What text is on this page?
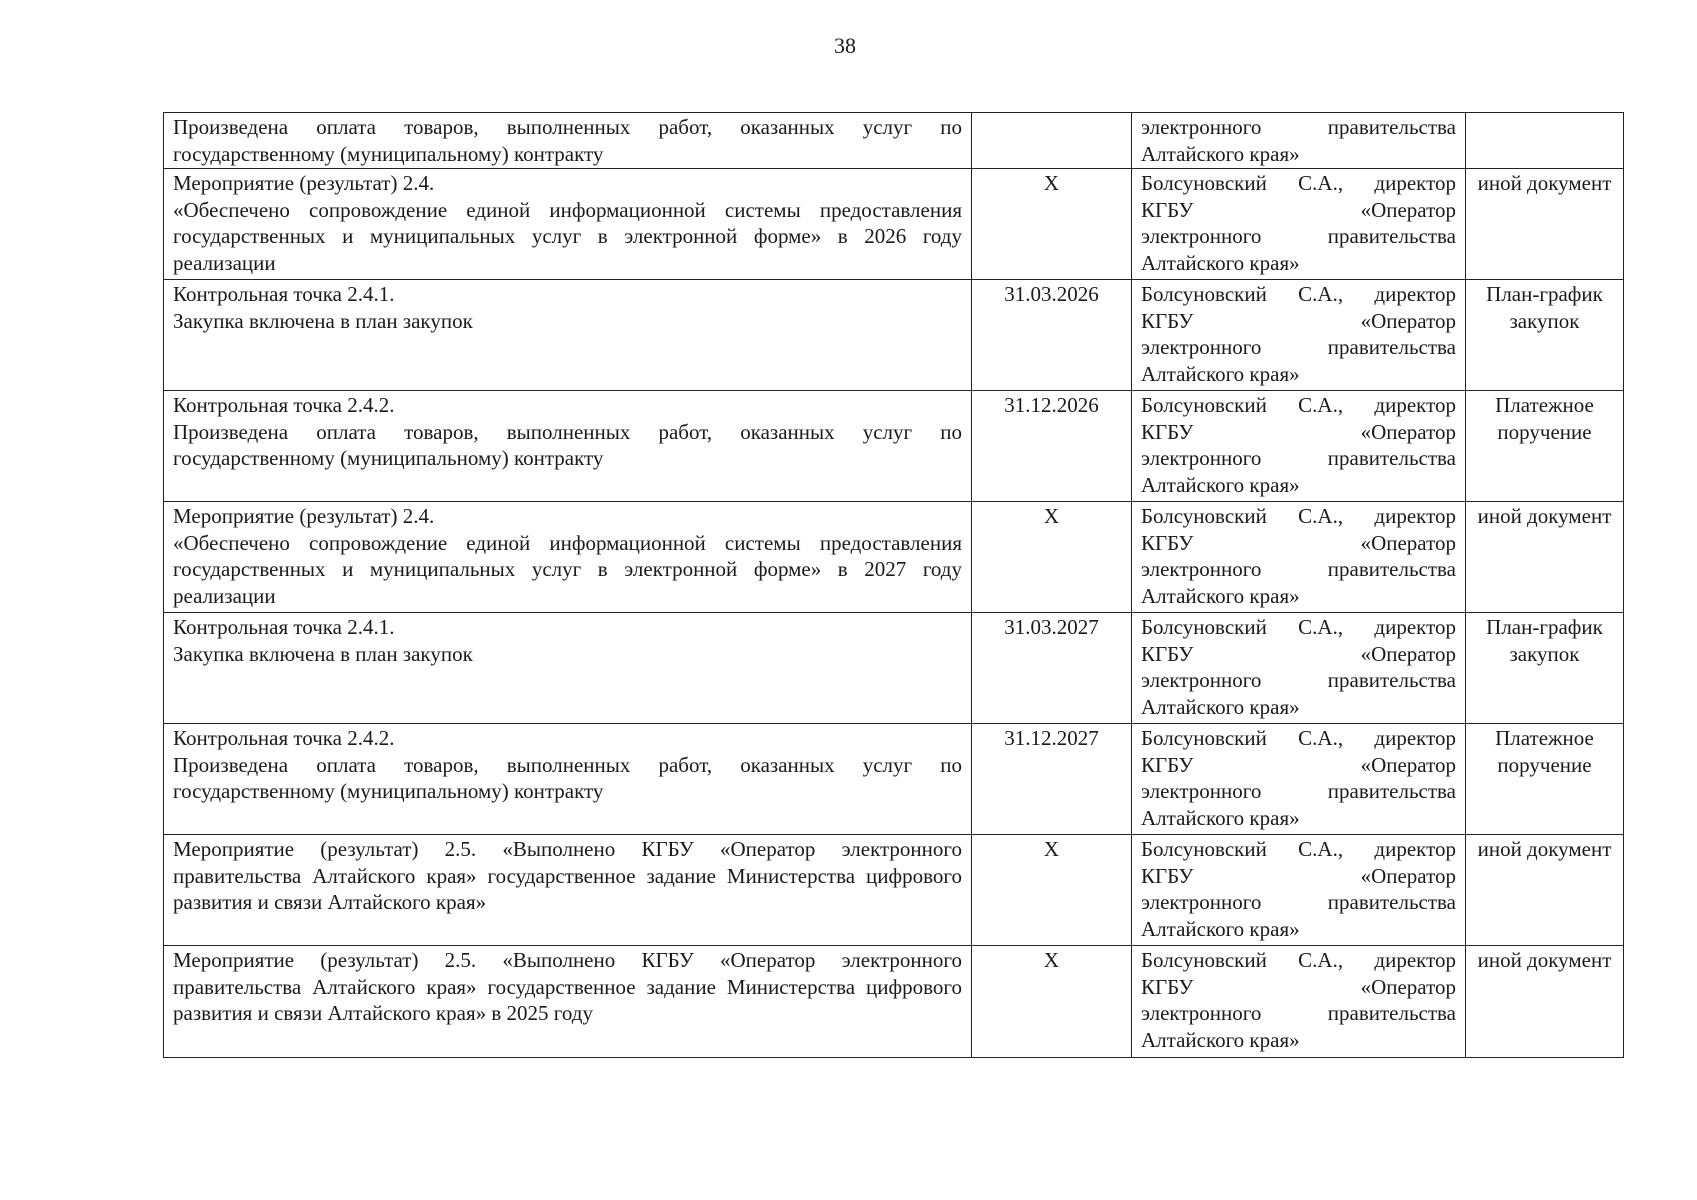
38
Произведена оплата товаров, выполненных работ, оказанных услуг по государственному (муниципальному) контракту		электронного правительства
Алтайского края»	

Мероприятие (результат) 2.4.
«Обеспечено сопровождение единой информационной системы предоставления государственных и муниципальных услуг в электронной форме» в 2026 году реализации	X	Болсуновский С.А., директор
КГБУ «Оператор
электронного правительства
Алтайского края»	иной документ

Контрольная точка 2.4.1.
Закупка включена в план закупок	31.03.2026	Болсуновский С.А., директор
КГБУ «Оператор
электронного правительства
Алтайского края»	План-график закупок

Контрольная точка 2.4.2.
Произведена оплата товаров, выполненных работ, оказанных услуг по государственному (муниципальному) контракту	31.12.2026	Болсуновский С.А., директор
КГБУ «Оператор
электронного правительства
Алтайского края»	Платежное поручение

Мероприятие (результат) 2.4.
«Обеспечено сопровождение единой информационной системы предоставления государственных и муниципальных услуг в электронной форме» в 2027 году реализации	X	Болсуновский С.А., директор
КГБУ «Оператор
электронного правительства
Алтайского края»	иной документ

Контрольная точка 2.4.1.
Закупка включена в план закупок	31.03.2027	Болсуновский С.А., директор
КГБУ «Оператор
электронного правительства
Алтайского края»	План-график закупок

Контрольная точка 2.4.2.
Произведена оплата товаров, выполненных работ, оказанных услуг по государственному (муниципальному) контракту	31.12.2027	Болсуновский С.А., директор
КГБУ «Оператор
электронного правительства
Алтайского края»	Платежное поручение

Мероприятие (результат) 2.5. «Выполнено КГБУ «Оператор электронного правительства Алтайского края» государственное задание Министерства цифрового развития и связи Алтайского края»	X	Болсуновский С.А., директор
КГБУ «Оператор
электронного правительства
Алтайского края»	иной документ

Мероприятие (результат) 2.5. «Выполнено КГБУ «Оператор электронного правительства Алтайского края» государственное задание Министерства цифрового развития и связи Алтайского края» в 2025 году	X	Болсуновский С.А., директор
КГБУ «Оператор
электронного правительства
Алтайского края»	иной документ
